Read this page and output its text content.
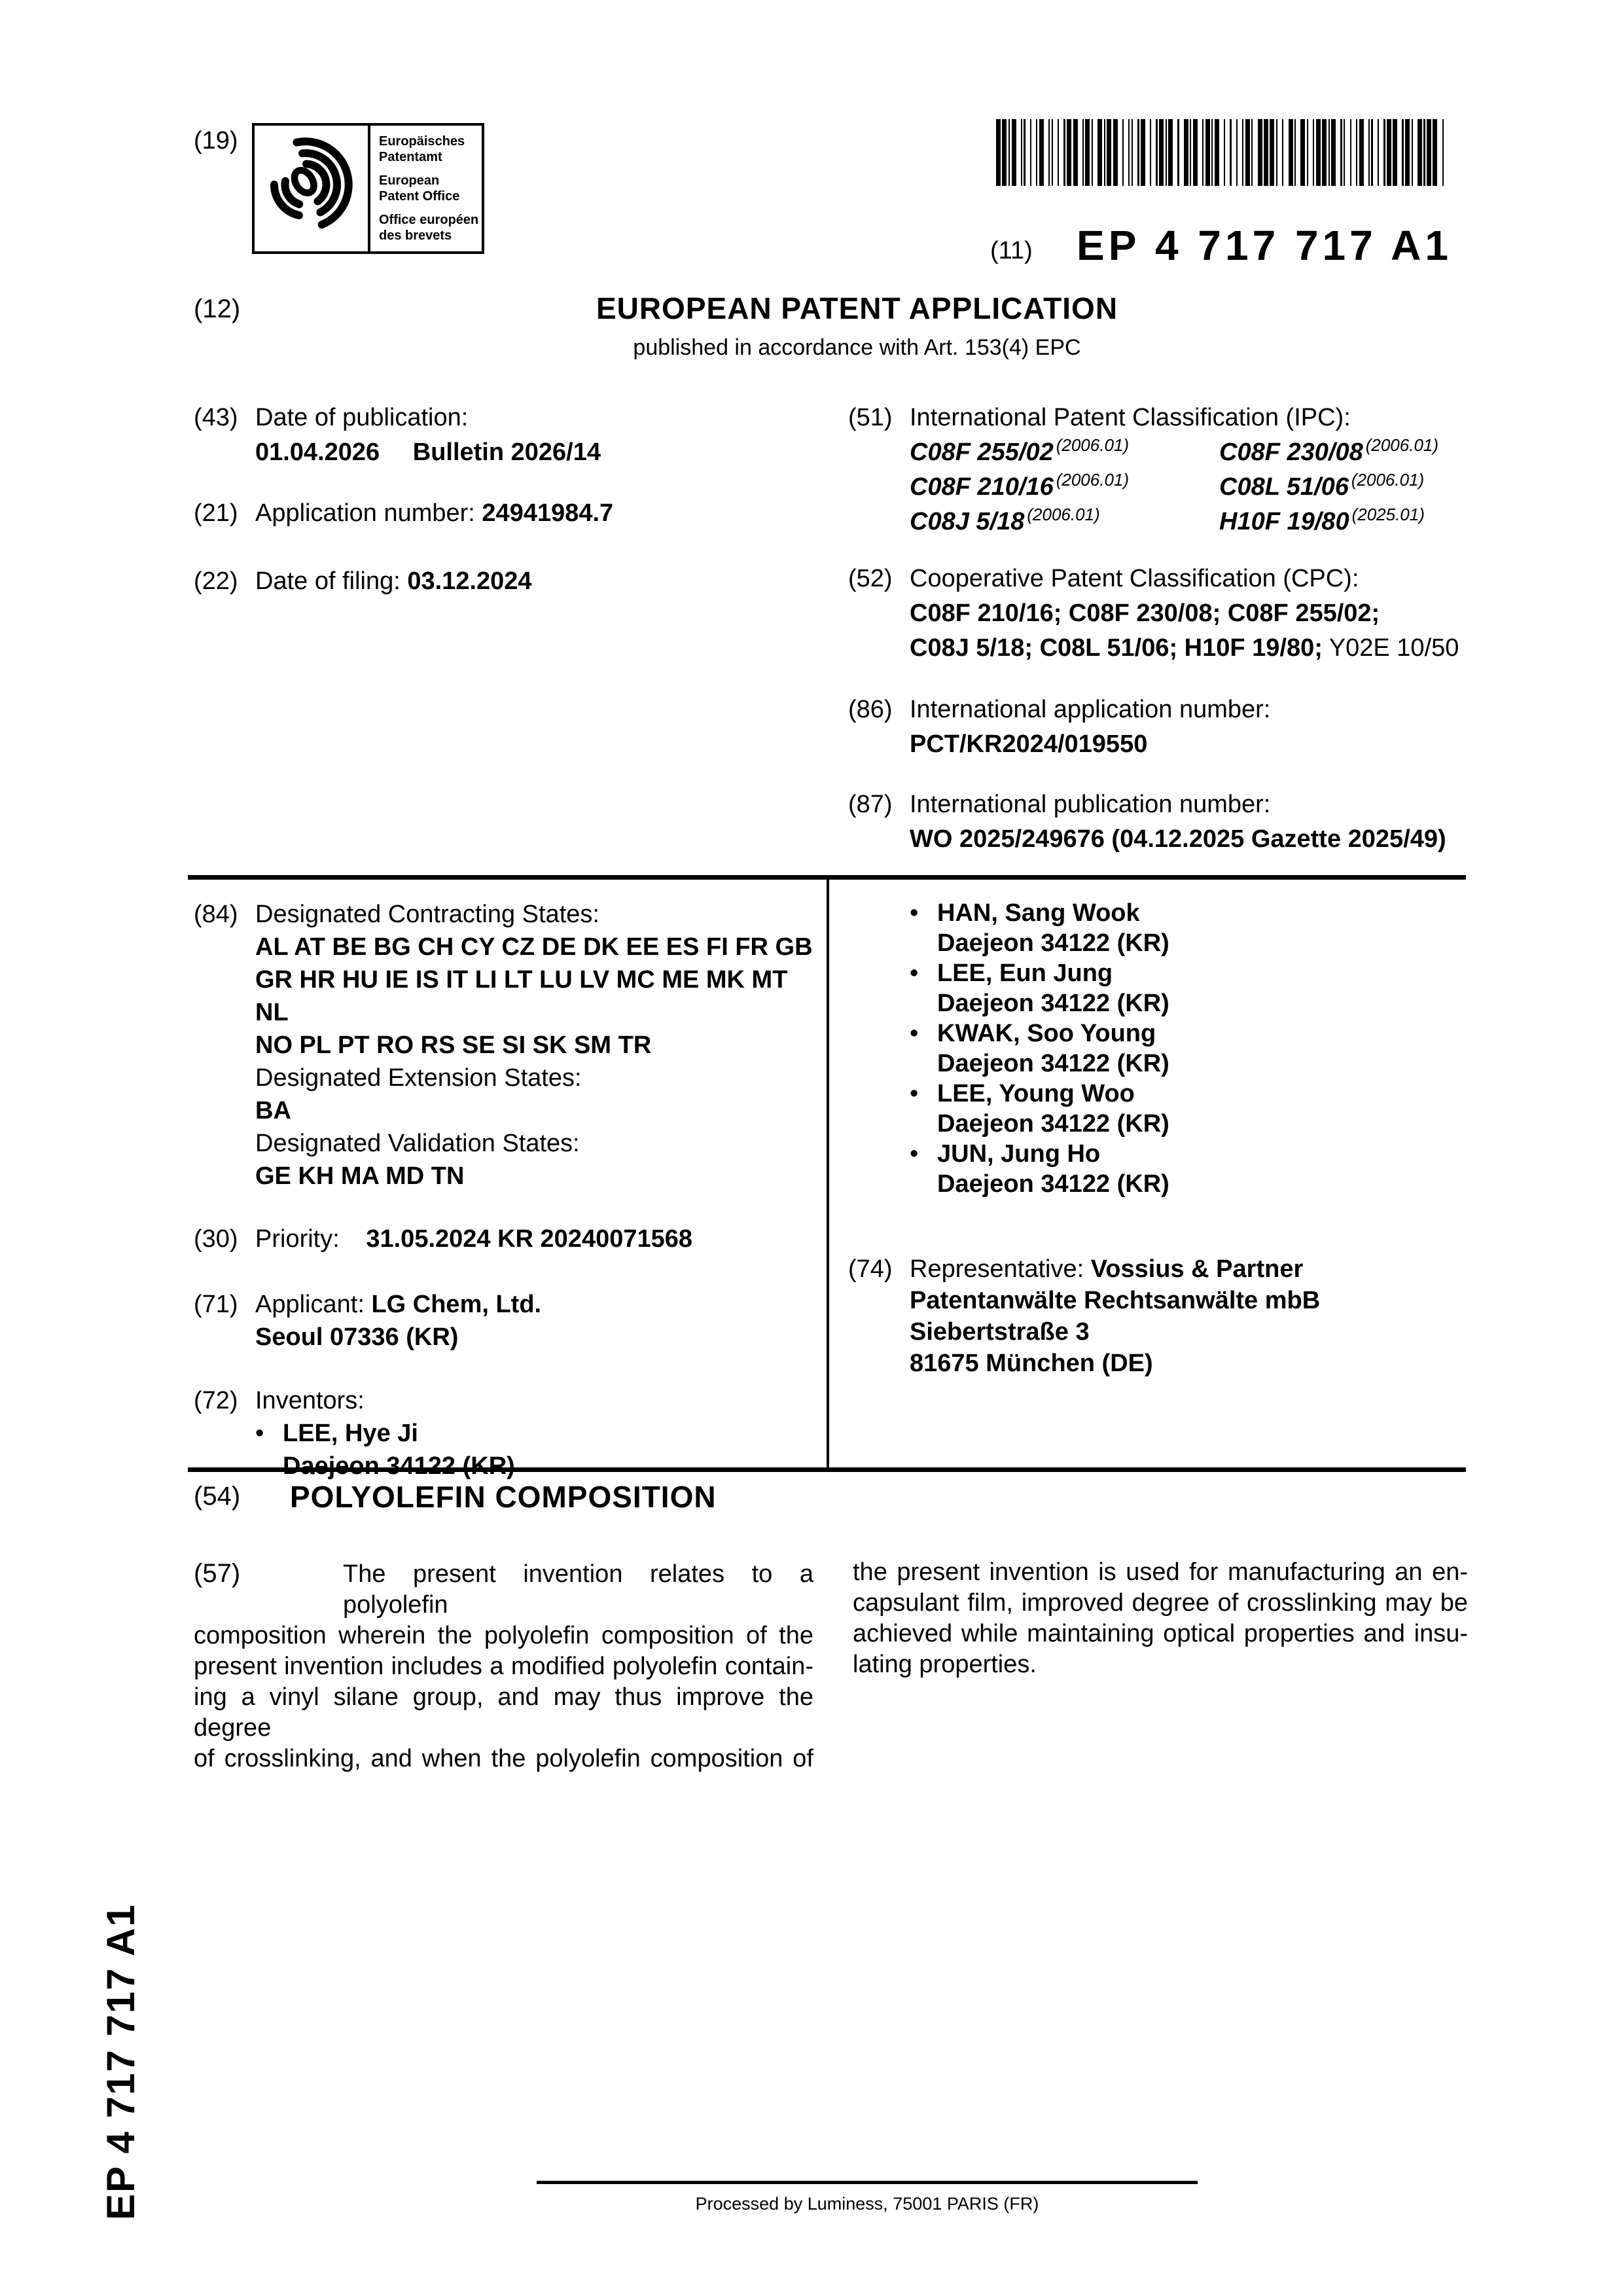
(19)	Europäisches
Patentamt
European
Patent Office
Office européen
des brevets
(11) EP 4 717 717 A1
(12)	EUROPEAN PATENT APPLICATION
published in accordance with Art. 153(4) EPC
(43) Date of publication:
01.04.2026 Bulletin 2026/14
(21) Application number: 24941984.7
(22) Date of filing: 03.12.2024
(51) International Patent Classification (IPC):
C08F 255/02 $^{(2006.01)}$	C08F 230/08 $^{(2006.01)}$
C08F 210/16 $^{(2006.01)}$	C08L 51/06 $^{(2006.01)}$
C08J 5/18 $^{(2006.01)}$	H10F 19/80 $^{(2025.01)}$
(52) Cooperative Patent Classification (CPC):
C08F 210/16; C08F 230/08; C08F 255/02;
C08J 5/18; C08L 51/06; H10F 19/80; Y02E 10/50
(86) International application number:
PCT/KR2024/019550
(87) International publication number:
WO 2025/249676 (04.12.2025 Gazette 2025/49)
(84) Designated Contracting States:
AL AT BE BG CH CY CZ DE DK EE ES FI FR GB
GR HR HU IE IS IT LI LT LU LV MC ME MK MT NL
NO PL PT RO RS SE SI SK SM TR
Designated Extension States:
BA
Designated Validation States:
GE KH MA MD TN
(30) Priority: 31.05.2024 KR 20240071568
(71) Applicant: LG Chem, Ltd.
Seoul 07336 (KR)
(72) Inventors:
• LEE, Hye Ji
Daejeon 34122 (KR)
• HAN, Sang Wook
Daejeon 34122 (KR)
• LEE, Eun Jung
Daejeon 34122 (KR)
• KWAK, Soo Young
Daejeon 34122 (KR)
• LEE, Young Woo
Daejeon 34122 (KR)
• JUN, Jung Ho
Daejeon 34122 (KR)
(74) Representative: Vossius & Partner
Patentanwälte Rechtsanwälte mbB
Siebertstraße 3
81675 München (DE)
(54) POLYOLEFIN COMPOSITION
(57)	The present invention relates to a polyolefin
composition wherein the polyolefin composition of the
present invention includes a modified polyolefin contain-
ing a vinyl silane group, and may thus improve the degree
of crosslinking, and when the polyolefin composition of
the present invention is used for manufacturing an en-
capsulant film, improved degree of crosslinking may be
achieved while maintaining optical properties and insu-
lating properties.
EP 4 717 717 A1	Processed by Luminess, 75001 PARIS (FR)
